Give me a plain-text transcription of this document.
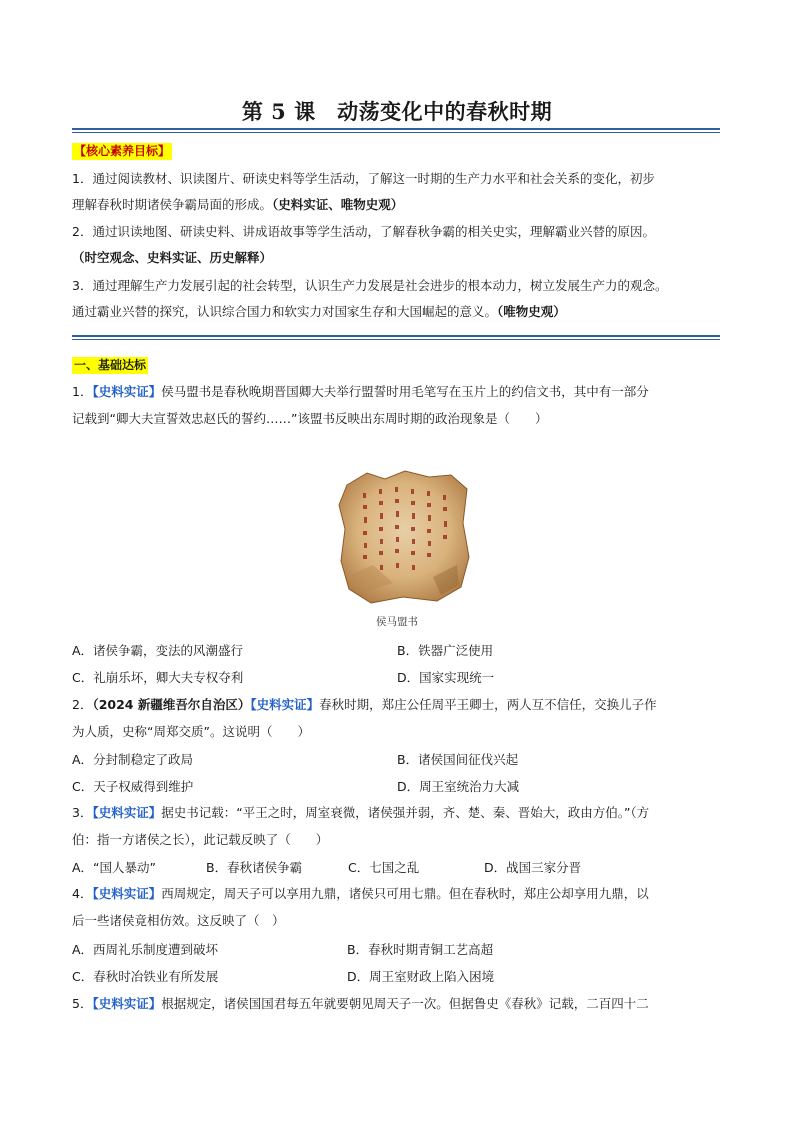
第 5 课　动荡变化中的春秋时期
【核心素养目标】
1．通过阅读教材、识读图片、研读史料等学生活动，了解这一时期的生产力水平和社会关系的变化，初步
理解春秋时期诸侯争霸局面的形成。（史料实证、唯物史观）
2．通过识读地图、研读史料、讲成语故事等学生活动，了解春秋争霸的相关史实，理解霸业兴替的原因。
（时空观念、史料实证、历史解释）
3．通过理解生产力发展引起的社会转型，认识生产力发展是社会进步的根本动力，树立发展生产力的观念。
通过霸业兴替的探究，认识综合国力和软实力对国家生存和大国崛起的意义。（唯物史观）
一、基础达标
1．【史料实证】侯马盟书是春秋晚期晋国卿大夫举行盟誓时用毛笔写在玉片上的约信文书，其中有一部分
记载到“卿大夫宣誓效忠赵氏的誓约……”该盟书反映出东周时期的政治现象是（　　）
侯马盟书
A．诸侯争霸，变法的风潮盛行	B．铁器广泛使用
C．礼崩乐坏，卿大夫专权夺利	D．国家实现统一
2．（2024 新疆维吾尔自治区）【史料实证】春秋时期，郑庄公任周平王卿士，两人互不信任，交换儿子作
为人质，史称“周郑交质”。这说明（　　）
A．分封制稳定了政局	B．诸侯国间征伐兴起
C．天子权威得到维护	D．周王室统治力大减
3．【史料实证】据史书记载：“平王之时，周室衰微，诸侯强并弱，齐、楚、秦、晋始大，政由方伯。”（方
伯：指一方诸侯之长），此记载反映了（　　）
A．“国人暴动”	B．春秋诸侯争霸	C．七国之乱	D．战国三家分晋
4．【史料实证】西周规定，周天子可以享用九鼎，诸侯只可用七鼎。但在春秋时，郑庄公却享用九鼎，以
后一些诸侯竟相仿效。这反映了（　）
A．西周礼乐制度遭到破坏	B．春秋时期青铜工艺高超
C．春秋时冶铁业有所发展	D．周王室财政上陷入困境
5．【史料实证】根据规定，诸侯国国君每五年就要朝见周天子一次。但据鲁史《春秋》记载，二百四十二
